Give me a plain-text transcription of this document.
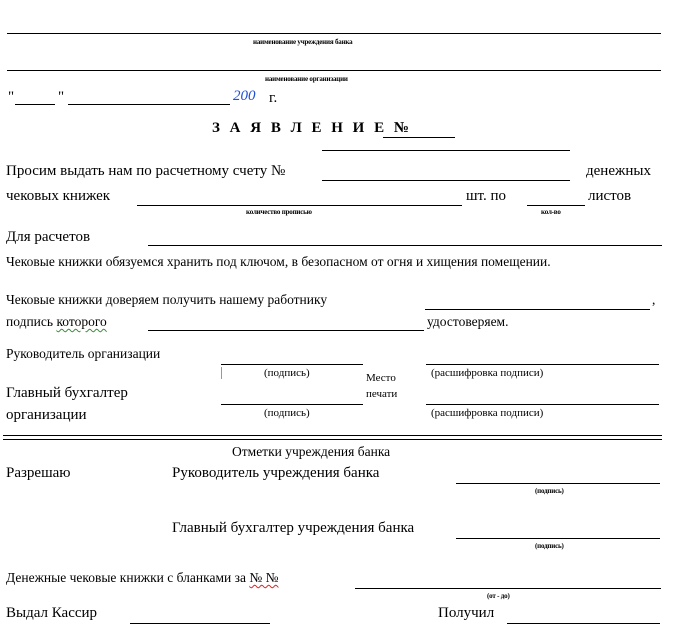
наименование учреждения банка
наименование организации
"	"	200 г.
З А Я В Л Е Н И Е №
Просим выдать нам по расчетному счету №	денежных
чековых книжек
количество прописью
шт. по
кол-во
листов
Для расчетов
Чековые книжки обязуемся хранить под ключом, в безопасном от огня и хищения помещении.
Чековые книжки доверяем получить нашему работнику	,
подпись которого	удостоверяем.
Руководитель организации
(подпись)	(расшифровка подписи)
Место
печати
Главный бухгалтер
организации	(подпись)	(расшифровка подписи)
Отметки учреждения банка
Разрешаю	Руководитель учреждения банка
(подпись)
Главный бухгалтер учреждения банка
(подпись)
Денежные чековые книжки с бланками за № №
(от - до)
Выдал Кассир	Получил
